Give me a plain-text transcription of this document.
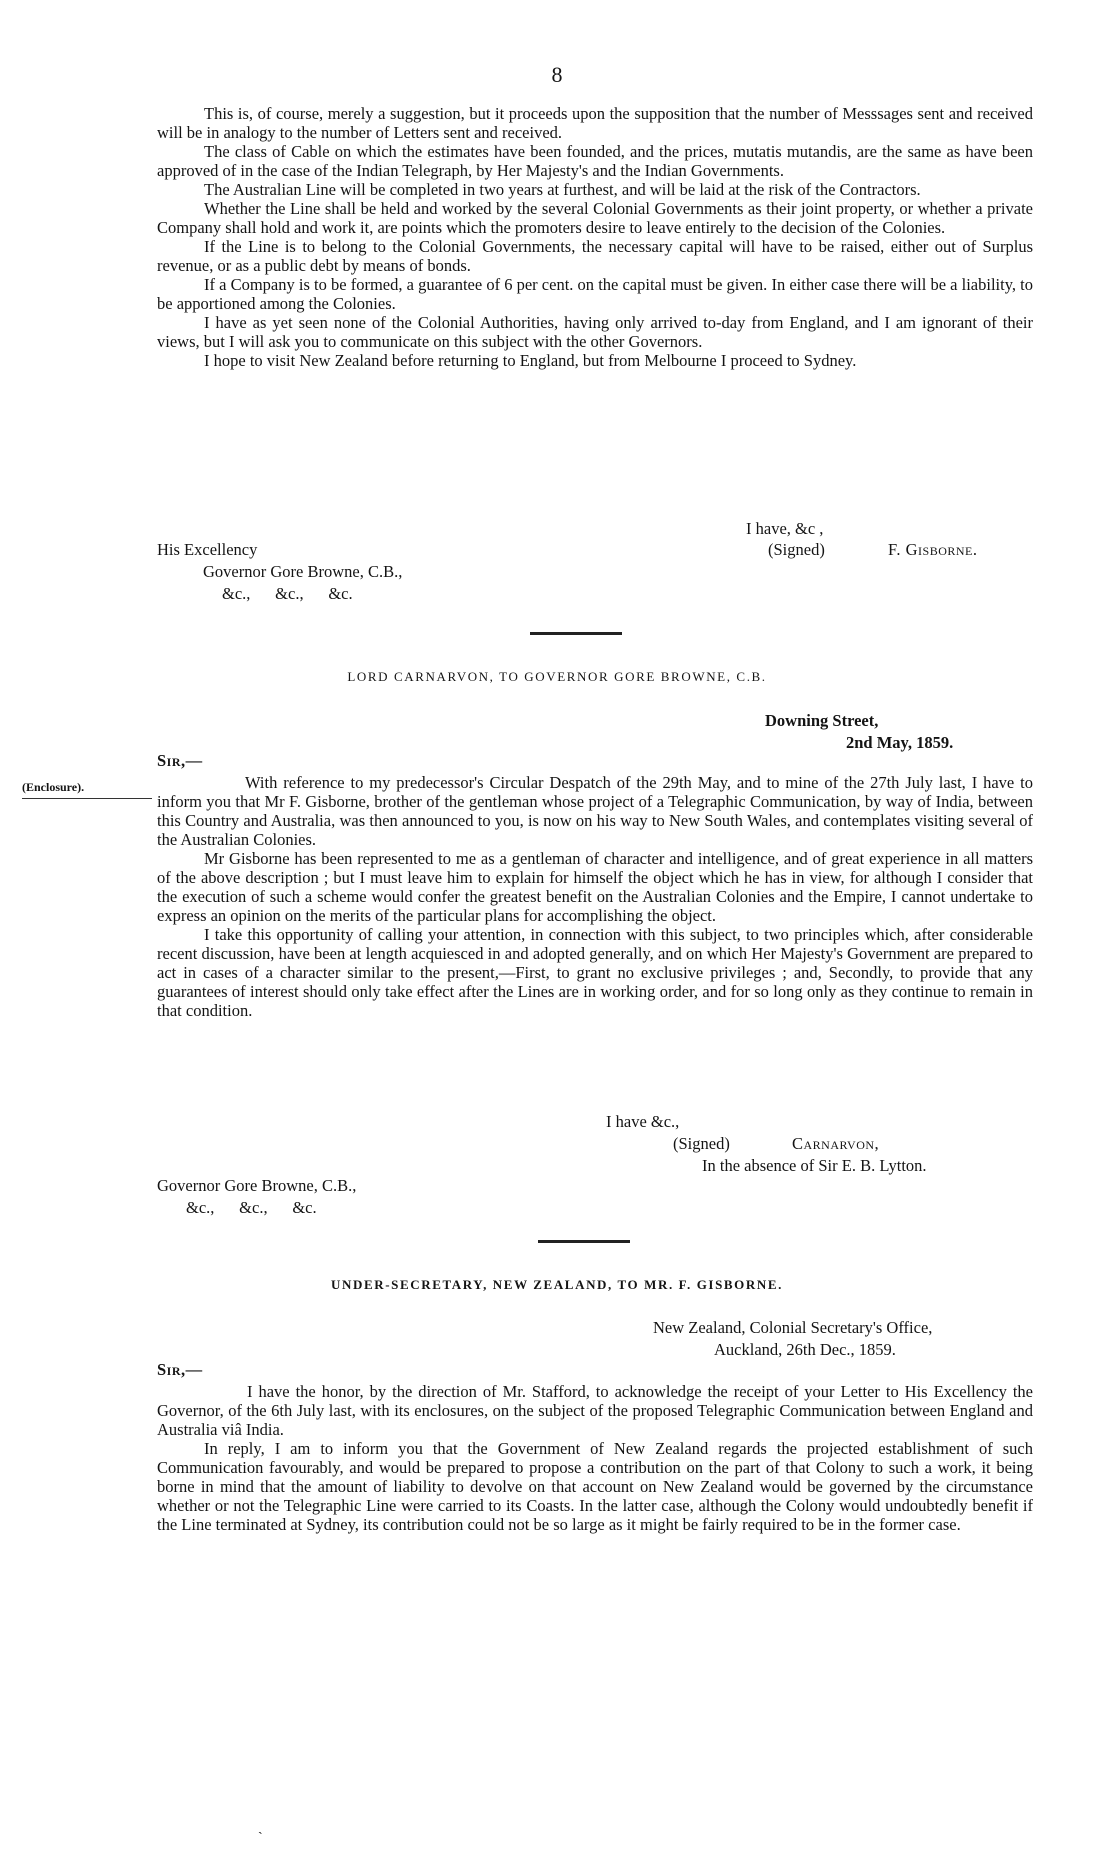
8

This is, of course, merely a suggestion, but it proceeds upon the supposition that the number of Messsages sent and received will be in analogy to the number of Letters sent and received.

The class of Cable on which the estimates have been founded, and the prices, mutatis mutandis, are the same as have been approved of in the case of the Indian Telegraph, by Her Majesty's and the Indian Governments.

The Australian Line will be completed in two years at furthest, and will be laid at the risk of the Contractors.

Whether the Line shall be held and worked by the several Colonial Governments as their joint property, or whether a private Company shall hold and work it, are points which the promoters desire to leave entirely to the decision of the Colonies.

If the Line is to belong to the Colonial Governments, the necessary capital will have to be raised, either out of Surplus revenue, or as a public debt by means of bonds.

If a Company is to be formed, a guarantee of 6 per cent. on the capital must be given. In either case there will be a liability, to be apportioned among the Colonies.

I have as yet seen none of the Colonial Authorities, having only arrived to-day from England, and I am ignorant of their views, but I will ask you to communicate on this subject with the other Governors.

I hope to visit New Zealand before returning to England, but from Melbourne I proceed to Sydney.

I have, &c ,
(Signed)	F. Gisborne.
His Excellency
Governor Gore Browne, C.B.,
&c.,      &c.,      &c.
LORD CARNARVON, TO GOVERNOR GORE BROWNE, C.B.
Downing Street,
2nd May, 1859.
Sir,—
(Enclosure).	With reference to my predecessor's Circular Despatch of the 29th May, and to mine of the 27th July last, I have to inform you that Mr F. Gisborne, brother of the gentleman whose project of a Telegraphic Communication, by way of India, between this Country and Australia, was then announced to you, is now on his way to New South Wales, and contemplates visiting several of the Australian Colonies.

Mr Gisborne has been represented to me as a gentleman of character and intelligence, and of great experience in all matters of the above description ; but I must leave him to explain for himself the object which he has in view, for although I consider that the execution of such a scheme would confer the greatest benefit on the Australian Colonies and the Empire, I cannot undertake to express an opinion on the merits of the particular plans for accomplishing the object.

I take this opportunity of calling your attention, in connection with this subject, to two principles which, after considerable recent discussion, have been at length acquiesced in and adopted generally, and on which Her Majesty's Government are prepared to act in cases of a character similar to the present,—First, to grant no exclusive privileges ; and, Secondly, to provide that any guarantees of interest should only take effect after the Lines are in working order, and for so long only as they continue to remain in that condition.

I have &c.,
(Signed)	Carnarvon,
In the absence of Sir E. B. Lytton.
Governor Gore Browne, C.B.,
&c.,      &c.,      &c.
UNDER-SECRETARY, NEW ZEALAND, TO MR. F. GISBORNE.
New Zealand, Colonial Secretary's Office,
Auckland, 26th Dec., 1859.
Sir,—

I have the honor, by the direction of Mr. Stafford, to acknowledge the receipt of your Letter to His Excellency the Governor, of the 6th July last, with its enclosures, on the subject of the proposed Telegraphic Communication between England and Australia viâ India.

In reply, I am to inform you that the Government of New Zealand regards the projected establishment of such Communication favourably, and would be prepared to propose a contribution on the part of that Colony to such a work, it being borne in mind that the amount of liability to devolve on that account on New Zealand would be governed by the circumstance whether or not the Telegraphic Line were carried to its Coasts. In the latter case, although the Colony would undoubtedly benefit if the Line terminated at Sydney, its contribution could not be so large as it might be fairly required to be in the former case.

ˏ
